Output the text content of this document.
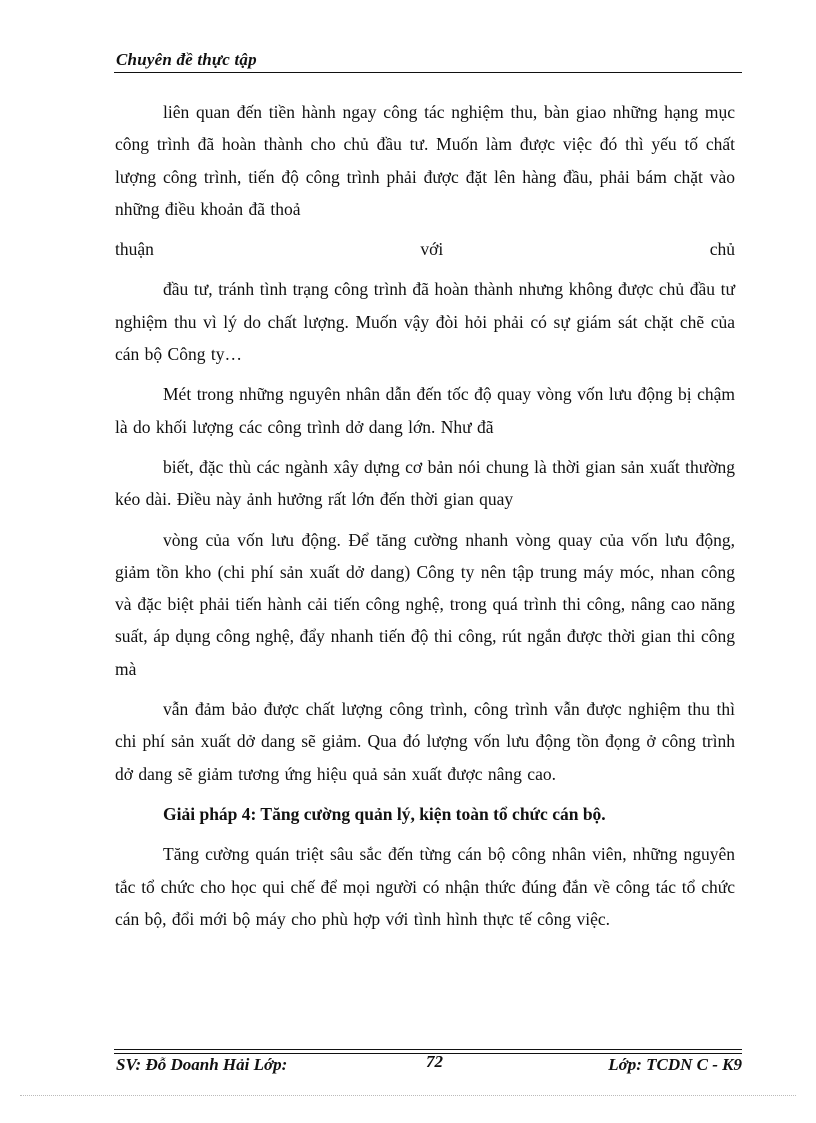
Chuyên đề thực tập

liên quan đến tiền hành ngay công tác nghiệm thu, bàn giao những hạng mục công trình đã hoàn thành cho chủ đầu tư. Muốn làm được việc đó thì yếu tố chất lượng công trình, tiến độ công trình phải được đặt lên hàng đầu, phải bám chặt vào những điều khoản đã thoả

thuận	với	chủ

đầu tư, tránh tình trạng công trình đã hoàn thành nhưng không được chủ đầu tư nghiệm thu vì lý do chất lượng. Muốn vậy đòi hỏi phải có sự giám sát chặt chẽ của cán bộ Công ty…

Mét trong những nguyên nhân dẫn đến tốc độ quay vòng vốn lưu động bị chậm là do khối lượng các công trình dở dang lớn. Như đã

biết, đặc thù các ngành xây dựng cơ bản nói chung là thời gian sản xuất thường kéo dài. Điều này ảnh hưởng rất lớn đến thời gian quay

vòng của vốn lưu động. Để tăng cường nhanh vòng quay của vốn lưu động, giảm tồn kho (chi phí sản xuất dở dang) Công ty nên tập trung máy móc, nhan công và đặc biệt phải tiến hành cải tiến công nghệ, trong quá trình thi công, nâng cao năng suất, áp dụng công nghệ, đẩy nhanh tiến độ thi công, rút ngắn được thời gian thi công mà

vẫn đảm bảo được chất lượng công trình, công trình vẫn được nghiệm thu thì chi phí sản xuất dở dang sẽ giảm. Qua đó lượng vốn lưu động tồn đọng ở công trình dở dang sẽ giảm tương ứng hiệu quả sản xuất được nâng cao.

Giải pháp 4: Tăng cường quản lý, kiện toàn tổ chức cán bộ.

Tăng cường quán triệt sâu sắc đến từng cán bộ công nhân viên, những nguyên tắc tổ chức cho học qui chế để mọi người có nhận thức đúng đắn về công tác tổ chức cán bộ, đổi mới bộ máy cho phù hợp với tình hình thực tế công việc.

SV: Đỗ Doanh Hải Lớp:	72	Lớp: TCDN C - K9
